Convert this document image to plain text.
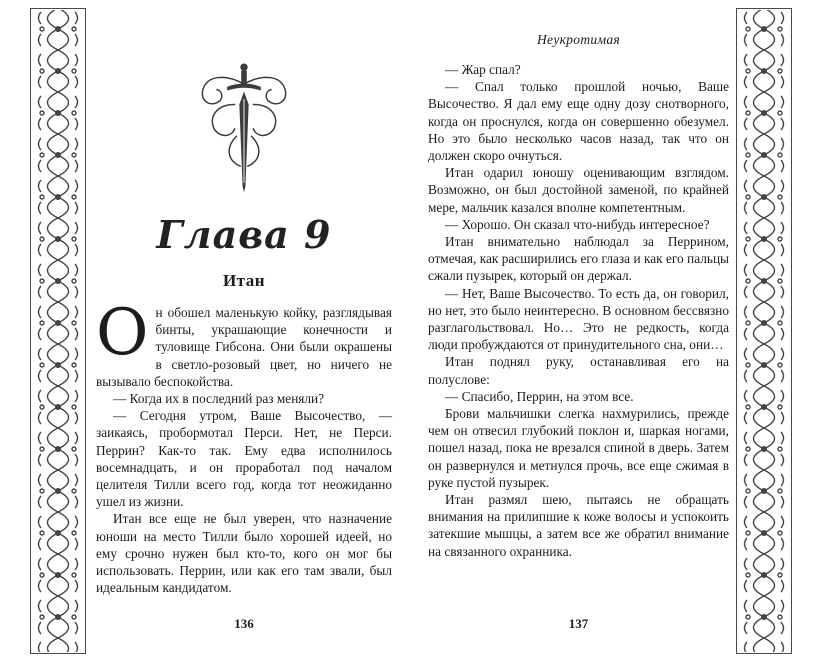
Глава 9
Итан

Он обошел маленькую койку, разглядывая бинты, украшающие конечности и туловище Гибсона. Они были окрашены в светло-розовый цвет, но ничего не вызывало беспокойства.

— Когда их в последний раз меняли?

— Сегодня утром, Ваше Высочество, — заикаясь, пробормотал Перси. Нет, не Перси. Перрин? Как-то так. Ему едва исполнилось восемнадцать, и он проработал под началом целителя Тилли всего год, когда тот неожиданно ушел из жизни.

Итан все еще не был уверен, что назначение юноши на место Тилли было хорошей идеей, но ему срочно нужен был кто-то, кого он мог бы использовать. Перрин, или как его там звали, был идеальным кандидатом.

136
Неукротимая

— Жар спал?

— Спал только прошлой ночью, Ваше Высочество. Я дал ему еще одну дозу снотворного, когда он проснулся, когда он совершенно обезумел. Но это было несколько часов назад, так что он должен скоро очнуться.

Итан одарил юношу оценивающим взглядом. Возможно, он был достойной заменой, по крайней мере, мальчик казался вполне компетентным.

— Хорошо. Он сказал что-нибудь интересное?

Итан внимательно наблюдал за Перрином, отмечая, как расширились его глаза и как его пальцы сжали пузырек, который он держал.

— Нет, Ваше Высочество. То есть да, он говорил, но нет, это было неинтересно. В основном бессвязно разглагольствовал. Но… Это не редкость, когда люди пробуждаются от принудительного сна, они…

Итан поднял руку, останавливая его на полуслове:

— Спасибо, Перрин, на этом все.

Брови мальчишки слегка нахмурились, прежде чем он отвесил глубокий поклон и, шаркая ногами, пошел назад, пока не врезался спиной в дверь. Затем он развернулся и метнулся прочь, все еще сжимая в руке пустой пузырек.

Итан размял шею, пытаясь не обращать внимания на прилипшие к коже волосы и успокоить затекшие мышцы, а затем все же обратил внимание на связанного охранника.

137
